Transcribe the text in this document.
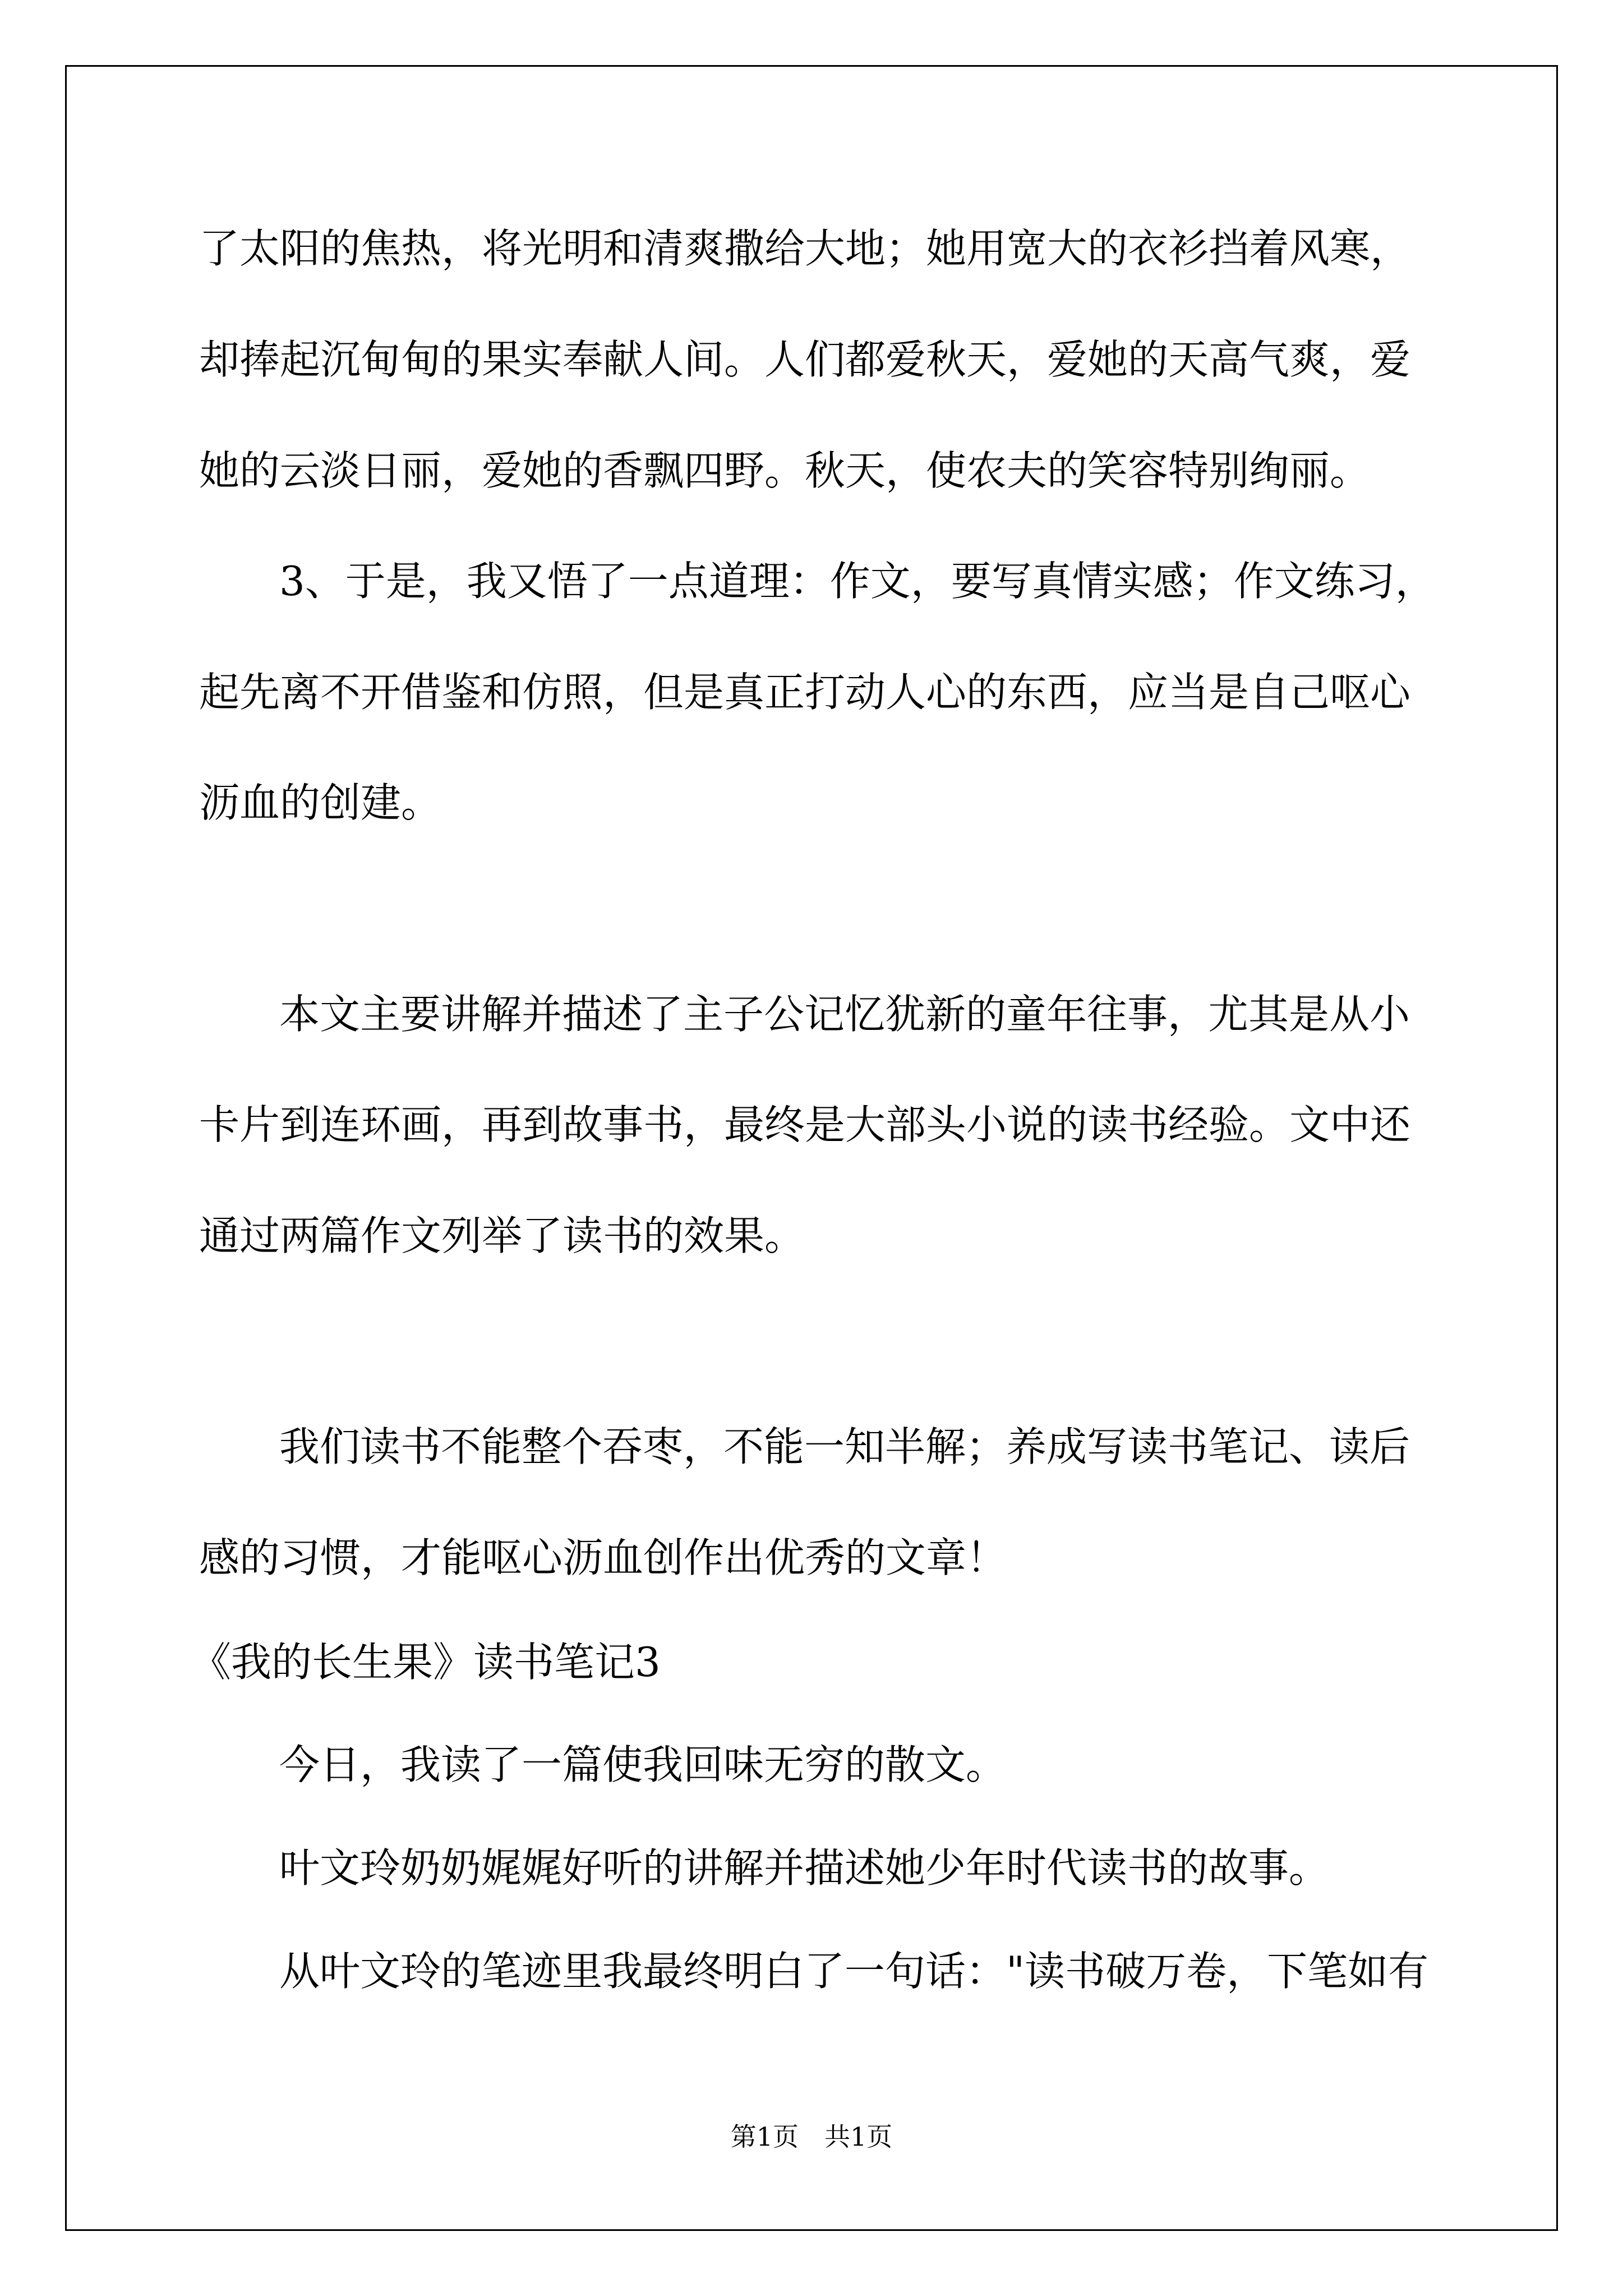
了太阳的焦热，将光明和清爽撒给大地；她用宽大的衣衫挡着风寒，
却捧起沉甸甸的果实奉献人间。人们都爱秋天，爱她的天高气爽，爱
她的云淡日丽，爱她的香飘四野。秋天，使农夫的笑容特别绚丽。
3、于是，我又悟了一点道理：作文，要写真情实感；作文练习，
起先离不开借鉴和仿照，但是真正打动人心的东西，应当是自己呕心
沥血的创建。
本文主要讲解并描述了主子公记忆犹新的童年往事，尤其是从小
卡片到连环画，再到故事书，最终是大部头小说的读书经验。文中还
通过两篇作文列举了读书的效果。
我们读书不能整个吞枣，不能一知半解；养成写读书笔记、读后
感的习惯，才能呕心沥血创作出优秀的文章！
《我的长生果》读书笔记3
今日，我读了一篇使我回味无穷的散文。
叶文玲奶奶娓娓好听的讲解并描述她少年时代读书的故事。
从叶文玲的笔迹里我最终明白了一句话："读书破万卷，下笔如有
第1页　共1页
